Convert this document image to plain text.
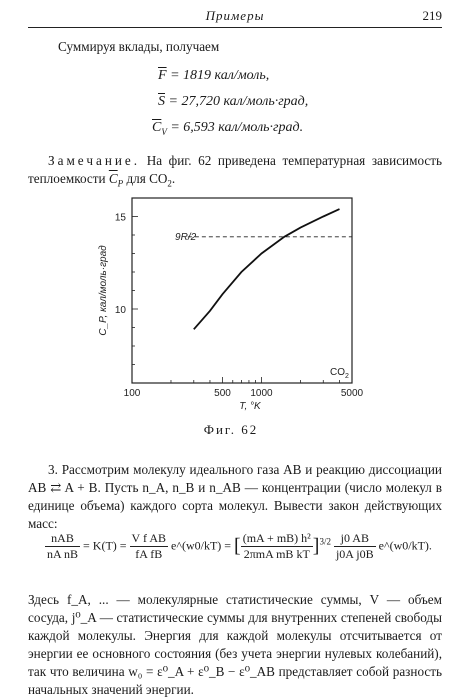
Примеры	219
Суммируя вклады, получаем
$\overline{F} = 1819$ кал/моль,
$\overline{S} = 27,720$ кал/моль·град,
$\overline{C}_V = 6,593$ кал/моль·град.
Замечание. На фиг. 62 приведена температурная зависимость теплоемкости $\overline{C}_P$ для $CO_2$.
100	500 1000	5000
10
15
9R/2
$CO_2$
T, °K
C_P, кал/моль·град
Фиг. 62
3. Рассмотрим молекулу идеального газа AB и реакцию диссоциации AB ⇄ A + B. Пусть n_A, n_B и n_AB — концентрации (число молекул в единице объема) каждого сорта молекул. Вывести закон действующих масс:
$\frac{\text{nAB}}{\text{nA nB}} = K(T) = \frac{\text{V f AB}}{\text{fA fB}}$ e^(w0/kT) = [ $\frac{\text{(mA + mB) h²}}{\text{2πmA mB kT}} ]^{3/2} \frac{j0 AB}{\text{j0A j0B}}$ e^(w0/kT).
Здесь f_A, ... — молекулярные статистические суммы, V — объем сосуда, j⁰_A — статистические суммы для внутренних степеней свободы каждой молекулы. Энергия для каждой молекулы отсчитывается от энергии ее основного состояния (без учета энергии нулевых колебаний), так что величина w₀ = ε⁰_A + ε⁰_B − ε⁰_AB представляет собой разность начальных значений энергии.
